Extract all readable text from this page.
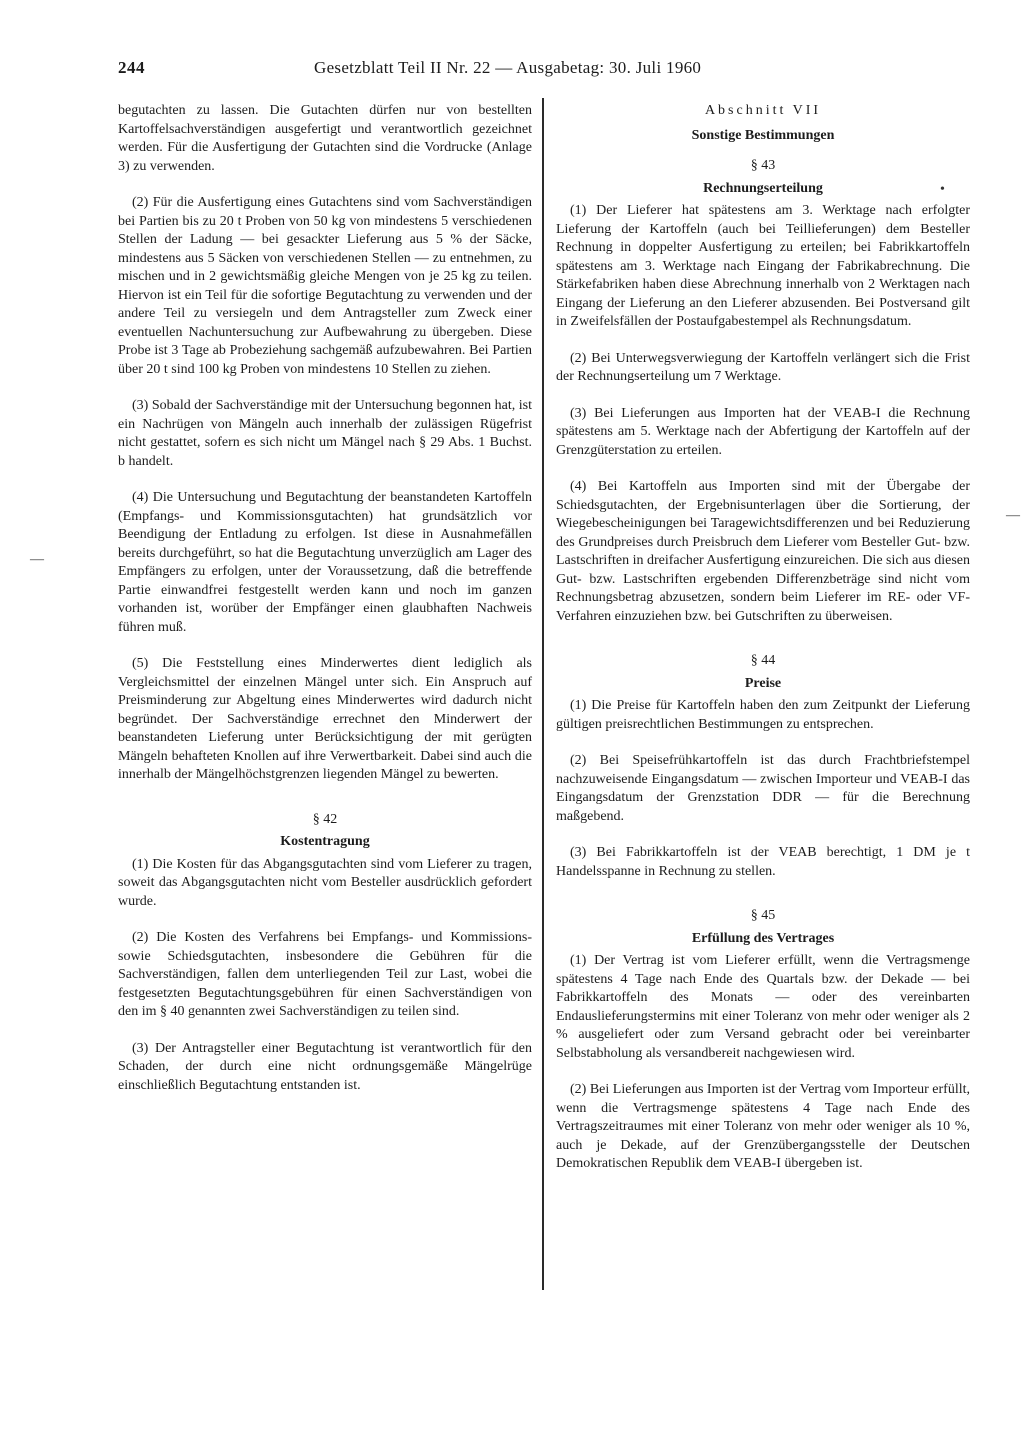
244	Gesetzblatt Teil II Nr. 22 — Ausgabetag: 30. Juli 1960
—
—
•

begutachten zu lassen. Die Gutachten dürfen nur von bestellten Kartoffelsachverständigen ausgefertigt und verantwortlich gezeichnet werden. Für die Ausfertigung der Gutachten sind die Vordrucke (Anlage 3) zu verwenden.

(2) Für die Ausfertigung eines Gutachtens sind vom Sachverständigen bei Partien bis zu 20 t Proben von 50 kg von mindestens 5 verschiedenen Stellen der Ladung — bei gesackter Lieferung aus 5 % der Säcke, mindestens aus 5 Säcken von verschiedenen Stellen — zu entnehmen, zu mischen und in 2 gewichtsmäßig gleiche Mengen von je 25 kg zu teilen. Hiervon ist ein Teil für die sofortige Begutachtung zu verwenden und der andere Teil zu versiegeln und dem Antragsteller zum Zweck einer eventuellen Nachuntersuchung zur Aufbewahrung zu übergeben. Diese Probe ist 3 Tage ab Probeziehung sachgemäß aufzubewahren. Bei Partien über 20 t sind 100 kg Proben von mindestens 10 Stellen zu ziehen.

(3) Sobald der Sachverständige mit der Untersuchung begonnen hat, ist ein Nachrügen von Mängeln auch innerhalb der zulässigen Rügefrist nicht gestattet, sofern es sich nicht um Mängel nach § 29 Abs. 1 Buchst. b handelt.

(4) Die Untersuchung und Begutachtung der beanstandeten Kartoffeln (Empfangs- und Kommissionsgutachten) hat grundsätzlich vor Beendigung der Entladung zu erfolgen. Ist diese in Ausnahmefällen bereits durchgeführt, so hat die Begutachtung unverzüglich am Lager des Empfängers zu erfolgen, unter der Voraussetzung, daß die betreffende Partie einwandfrei festgestellt werden kann und noch im ganzen vorhanden ist, worüber der Empfänger einen glaubhaften Nachweis führen muß.

(5) Die Feststellung eines Minderwertes dient lediglich als Vergleichsmittel der einzelnen Mängel unter sich. Ein Anspruch auf Preisminderung zur Abgeltung eines Minderwertes wird dadurch nicht begründet. Der Sachverständige errechnet den Minderwert der beanstandeten Lieferung unter Berücksichtigung der mit gerügten Mängeln behafteten Knollen auf ihre Verwertbarkeit. Dabei sind auch die innerhalb der Mängelhöchstgrenzen liegenden Mängel zu bewerten.

§ 42
Kostentragung

(1) Die Kosten für das Abgangsgutachten sind vom Lieferer zu tragen, soweit das Abgangsgutachten nicht vom Besteller ausdrücklich gefordert wurde.

(2) Die Kosten des Verfahrens bei Empfangs- und Kommissions- sowie Schiedsgutachten, insbesondere die Gebühren für die Sachverständigen, fallen dem unterliegenden Teil zur Last, wobei die festgesetzten Begutachtungsgebühren für einen Sachverständigen von den im § 40 genannten zwei Sachverständigen zu teilen sind.

(3) Der Antragsteller einer Begutachtung ist verantwortlich für den Schaden, der durch eine nicht ordnungsgemäße Mängelrüge einschließlich Begutachtung entstanden ist.

Abschnitt VII
Sonstige Bestimmungen
§ 43
Rechnungserteilung

(1) Der Lieferer hat spätestens am 3. Werktage nach erfolgter Lieferung der Kartoffeln (auch bei Teillieferungen) dem Besteller Rechnung in doppelter Ausfertigung zu erteilen; bei Fabrikkartoffeln spätestens am 3. Werktage nach Eingang der Fabrikabrechnung. Die Stärkefabriken haben diese Abrechnung innerhalb von 2 Werktagen nach Eingang der Lieferung an den Lieferer abzusenden. Bei Postversand gilt in Zweifelsfällen der Postaufgabestempel als Rechnungsdatum.

(2) Bei Unterwegsverwiegung der Kartoffeln verlängert sich die Frist der Rechnungserteilung um 7 Werktage.

(3) Bei Lieferungen aus Importen hat der VEAB-I die Rechnung spätestens am 5. Werktage nach der Abfertigung der Kartoffeln auf der Grenzgüterstation zu erteilen.

(4) Bei Kartoffeln aus Importen sind mit der Übergabe der Schiedsgutachten, der Ergebnisunterlagen über die Sortierung, der Wiegebescheinigungen bei Taragewichtsdifferenzen und bei Reduzierung des Grundpreises durch Preisbruch dem Lieferer vom Besteller Gut- bzw. Lastschriften in dreifacher Ausfertigung einzureichen. Die sich aus diesen Gut- bzw. Lastschriften ergebenden Differenzbeträge sind nicht vom Rechnungsbetrag abzusetzen, sondern beim Lieferer im RE- oder VF-Verfahren einzuziehen bzw. bei Gutschriften zu überweisen.

§ 44
Preise

(1) Die Preise für Kartoffeln haben den zum Zeitpunkt der Lieferung gültigen preisrechtlichen Bestimmungen zu entsprechen.

(2) Bei Speisefrühkartoffeln ist das durch Frachtbriefstempel nachzuweisende Eingangsdatum — zwischen Importeur und VEAB-I das Eingangsdatum der Grenzstation DDR — für die Berechnung maßgebend.

(3) Bei Fabrikkartoffeln ist der VEAB berechtigt, 1 DM je t Handelsspanne in Rechnung zu stellen.

§ 45
Erfüllung des Vertrages

(1) Der Vertrag ist vom Lieferer erfüllt, wenn die Vertragsmenge spätestens 4 Tage nach Ende des Quartals bzw. der Dekade — bei Fabrikkartoffeln des Monats — oder des vereinbarten Endauslieferungstermins mit einer Toleranz von mehr oder weniger als 2 % ausgeliefert oder zum Versand gebracht oder bei vereinbarter Selbstabholung als versandbereit nachgewiesen wird.

(2) Bei Lieferungen aus Importen ist der Vertrag vom Importeur erfüllt, wenn die Vertragsmenge spätestens 4 Tage nach Ende des Vertragszeitraumes mit einer Toleranz von mehr oder weniger als 10 %, auch je Dekade, auf der Grenzübergangsstelle der Deutschen Demokratischen Republik dem VEAB-I übergeben ist.
